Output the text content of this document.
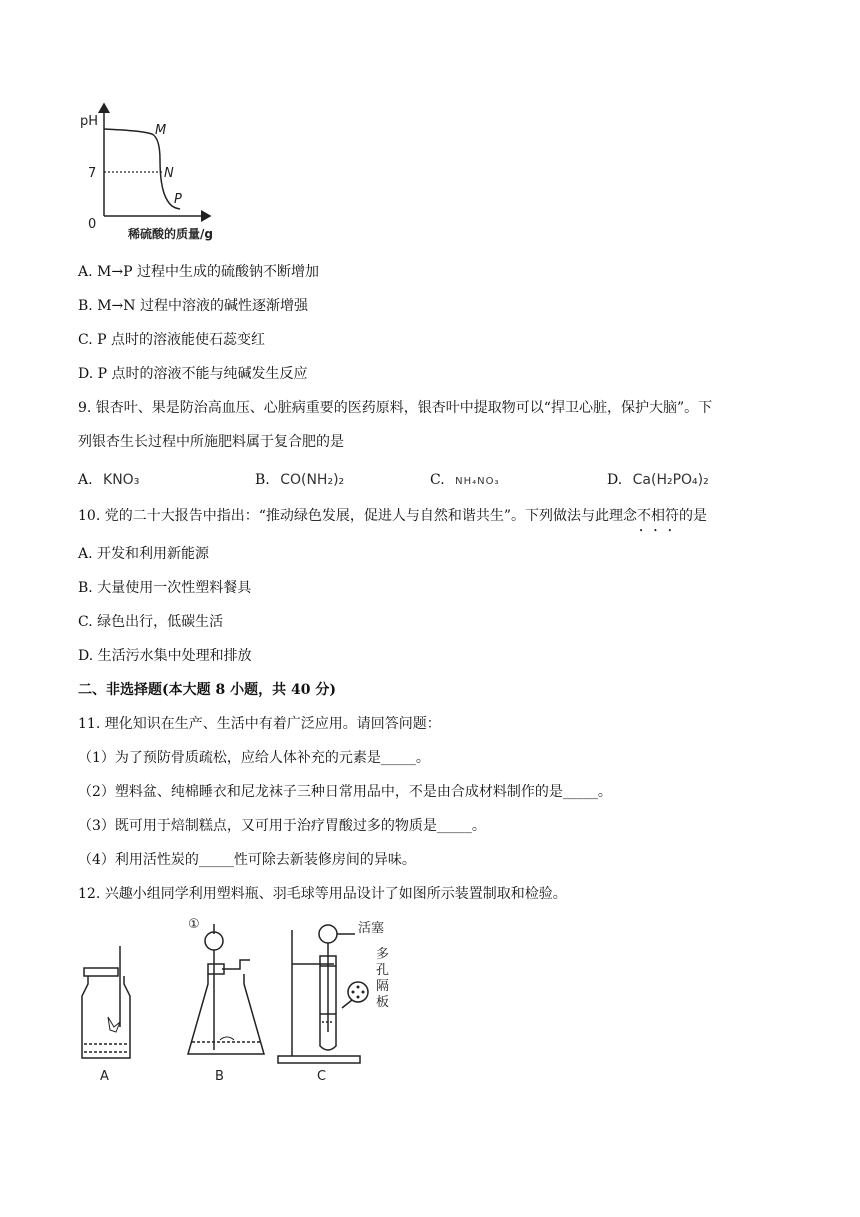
pH
7
0
M
N
P
稀硫酸的质量/g
A. M→P 过程中生成的硫酸钠不断增加
B. M→N 过程中溶液的碱性逐渐增强
C. P 点时的溶液能使石蕊变红
D. P 点时的溶液不能与纯碱发生反应
9. 银杏叶、果是防治高血压、心脏病重要的医药原料，银杏叶中提取物可以“捍卫心脏，保护大脑”。下
列银杏生长过程中所施肥料属于复合肥的是
A. KNO₃	B. CO(NH₂)₂	C. NH₄NO₃	D. Ca(H₂PO₄)₂
10. 党的二十大报告中指出：“推动绿色发展，促进人与自然和谐共生”。下列做法与此理念不相 • • •符的是
A. 开发和利用新能源
B. 大量使用一次性塑料餐具
C. 绿色出行，低碳生活
D. 生活污水集中处理和排放
二、非选择题(本大题 8 小题，共 40 分)
11. 理化知识在生产、生活中有着广泛应用。请回答问题：
（1）为了预防骨质疏松，应给人体补充的元素是_____。
（2）塑料盆、纯棉睡衣和尼龙袜子三种日常用品中，不是由合成材料制作的是_____。
（3）既可用于焙制糕点，又可用于治疗胃酸过多的物质是_____。
（4）利用活性炭的_____性可除去新装修房间的异味。
12. 兴趣小组同学利用塑料瓶、羽毛球等用品设计了如图所示装置制取和检验。
A	B	C
①	活塞
多
孔
隔
板
